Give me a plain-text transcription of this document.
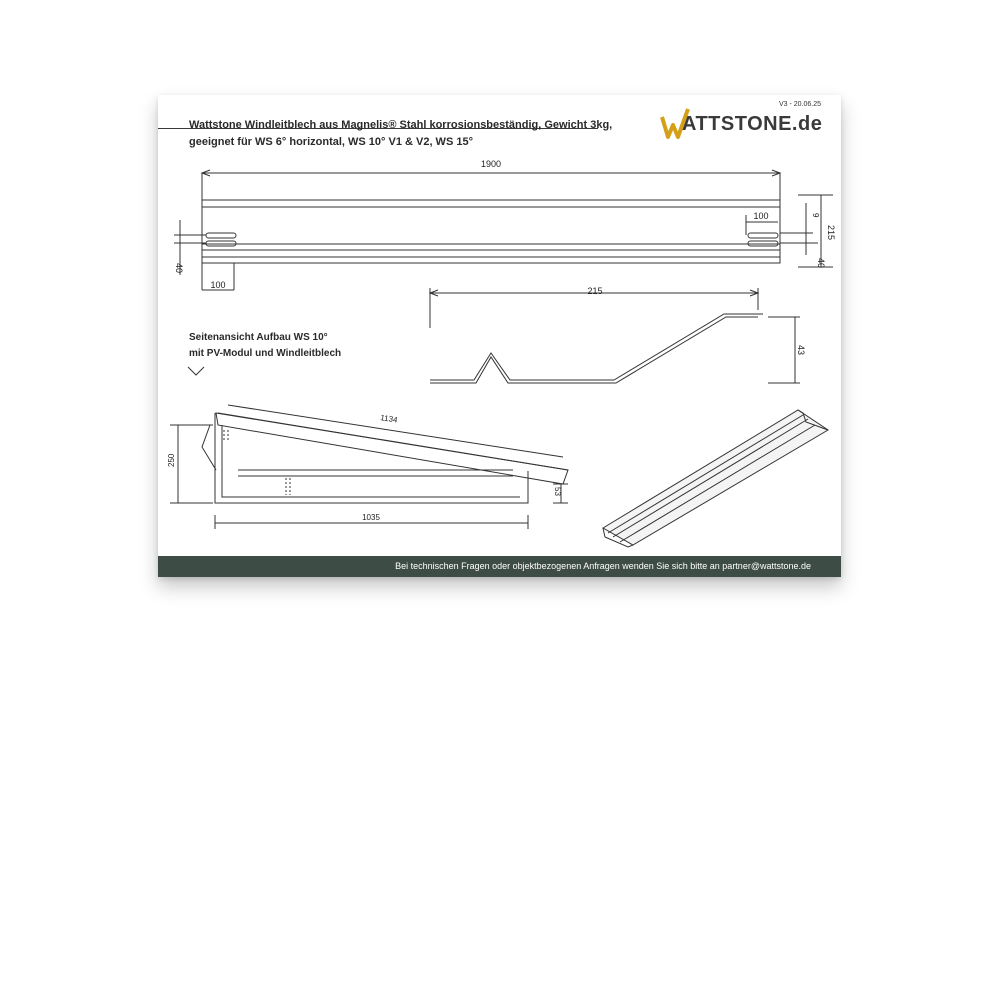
V3 - 20.06.25
Wattstone Windleitblech aus Magnelis® Stahl korrosionsbeständig, Gewicht 3kg,
geeignet für WS 6° horizontal, WS 10° V1 & V2, WS 15°
ATTSTONE.de
1900
100	9
215
40
40
100
215
43
1134
250
53
1035
Seitenansicht Aufbau WS 10°
mit PV-Modul und Windleitblech
Bei technischen Fragen oder objektbezogenen Anfragen wenden Sie sich bitte an partner@wattstone.de
